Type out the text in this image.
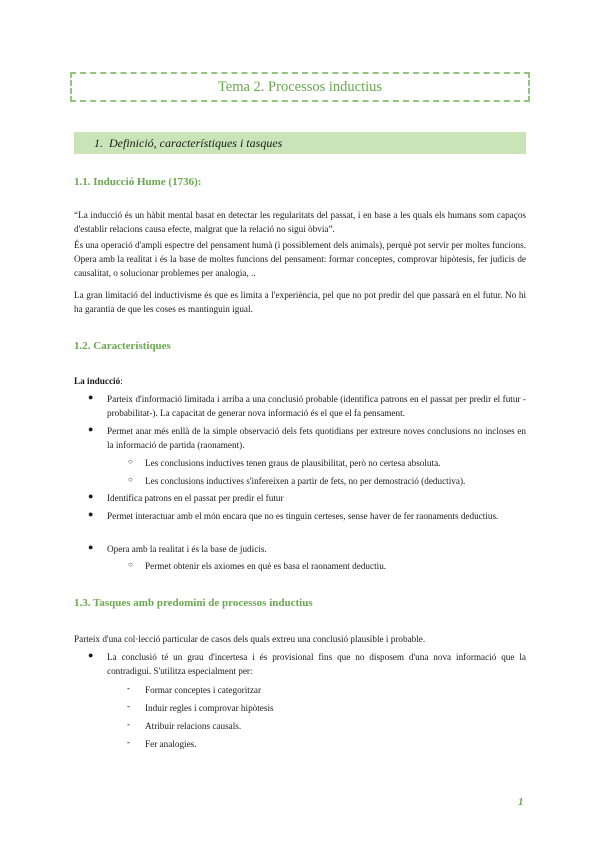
Tema 2. Processos inductius
1. Definició, característiques i tasques
1.1. Inducció Hume (1736):

“La inducció és un hàbit mental basat en detectar les regularitats del passat, i en base a les quals els humans som capaços d'establir relacions causa efecte, malgrat que la relació no sigui òbvia”.

És una operació d'ampli espectre del pensament humà (i possiblement dels animals), perquè pot servir per moltes funcions. Opera amb la realitat i és la base de moltes funcions del pensament: formar conceptes, comprovar hipòtesis, fer judicis de causalitat, o solucionar problemes per analogia, ..

La gran limitació del inductivisme és que es limita a l'experiència, pel que no pot predir del que passarà en el futur. No hi ha garantia de que les coses es mantinguin igual.

1.2. Característiques

La inducció:

● Parteix d'informació limitada i arriba a una conclusió probable (identifica patrons en el passat per predir el futur -probabilitat-). La capacitat de generar nova informació és el que el fa pensament.

● Permet anar més enllà de la simple observació dels fets quotidians per extreure noves conclusions no incloses en la informació de partida (raonament).

○ Les conclusions inductives tenen graus de plausibilitat, però no certesa absoluta.

○ Les conclusions inductives s'infereixen a partir de fets, no per demostració (deductiva).

● Identifica patrons en el passat per predir el futur

● Permet interactuar amb el món encara que no es tinguin certeses, sense haver de fer raonaments deductius.

● Opera amb la realitat i és la base de judicis.

○ Permet obtenir els axiomes en què es basa el raonament deductiu.

1.3. Tasques amb predomini de processos inductius

Parteix d'una col·lecció particular de casos dels quals extreu una conclusió plausible i probable.

● La conclusió té un grau d'incertesa i és provisional fins que no disposem d'una nova informació que la contradigui. S'utilitza especialment per:

- Formar conceptes i categoritzar

- Induir regles i comprovar hipòtesis

- Atribuir relacions causals.

- Fer analogies.

1
